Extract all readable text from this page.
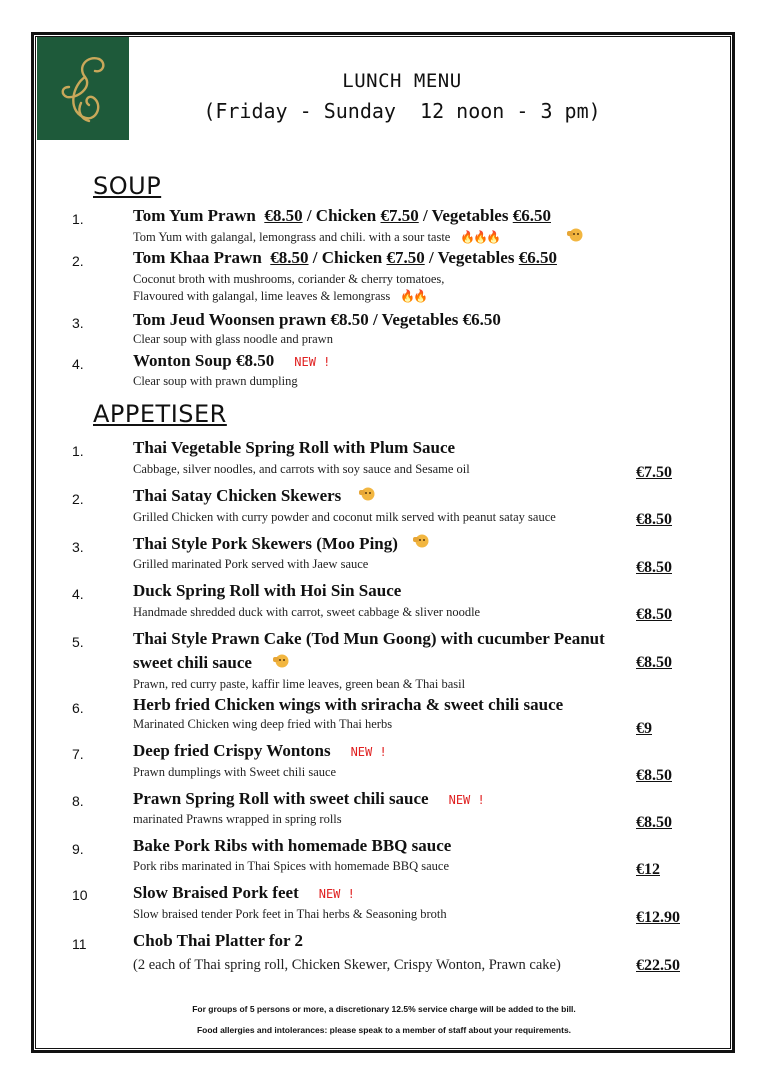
LUNCH MENU
(Friday - Sunday  12 noon - 3 pm)
SOUP
1.	Tom Yum Prawn €8.50 / Chicken €7.50 / Vegetables €6.50
Tom Yum with galangal, lemongrass and chili. with a sour taste 🔥🔥🔥
2.	Tom Khaa Prawn €8.50 / Chicken €7.50 / Vegetables €6.50
Coconut broth with mushrooms, coriander & cherry tomatoes,
Flavoured with galangal, lime leaves & lemongrass 🔥🔥
3.	Tom Jeud Woonsen prawn €8.50 / Vegetables €6.50
Clear soup with glass noodle and prawn
4.	Wonton Soup €8.50 NEW !
Clear soup with prawn dumpling
APPETISER
1.	Thai Vegetable Spring Roll with Plum Sauce
Cabbage, silver noodles, and carrots with soy sauce and Sesame oil	€7.50
2.	Thai Satay Chicken Skewers
Grilled Chicken with curry powder and coconut milk served with peanut satay sauce	€8.50
3.	Thai Style Pork Skewers (Moo Ping)
Grilled marinated Pork served with Jaew sauce	€8.50
4.	Duck Spring Roll with Hoi Sin Sauce
Handmade shredded duck with carrot, sweet cabbage & sliver noodle	€8.50
5.	Thai Style Prawn Cake (Tod Mun Goong) with cucumber Peanut
sweet chili sauce
Prawn, red curry paste, kaffir lime leaves, green bean & Thai basil
€8.50
6.	Herb fried Chicken wings with sriracha & sweet chili sauce
Marinated Chicken wing deep fried with Thai herbs	€9
7.	Deep fried Crispy Wontons NEW !
Prawn dumplings with Sweet chili sauce	€8.50
8.	Prawn Spring Roll with sweet chili sauce NEW !
marinated Prawns wrapped in spring rolls	€8.50
9.	Bake Pork Ribs with homemade BBQ sauce
Pork ribs marinated in Thai Spices with homemade BBQ sauce	€12
10	Slow Braised Pork feet NEW !
Slow braised tender Pork feet in Thai herbs & Seasoning broth	€12.90
11	Chob Thai Platter for 2
(2 each of Thai spring roll, Chicken Skewer, Crispy Wonton, Prawn cake)	€22.50
For groups of 5 persons or more, a discretionary 12.5% service charge will be added to the bill.
Food allergies and intolerances: please speak to a member of staff about your requirements.
